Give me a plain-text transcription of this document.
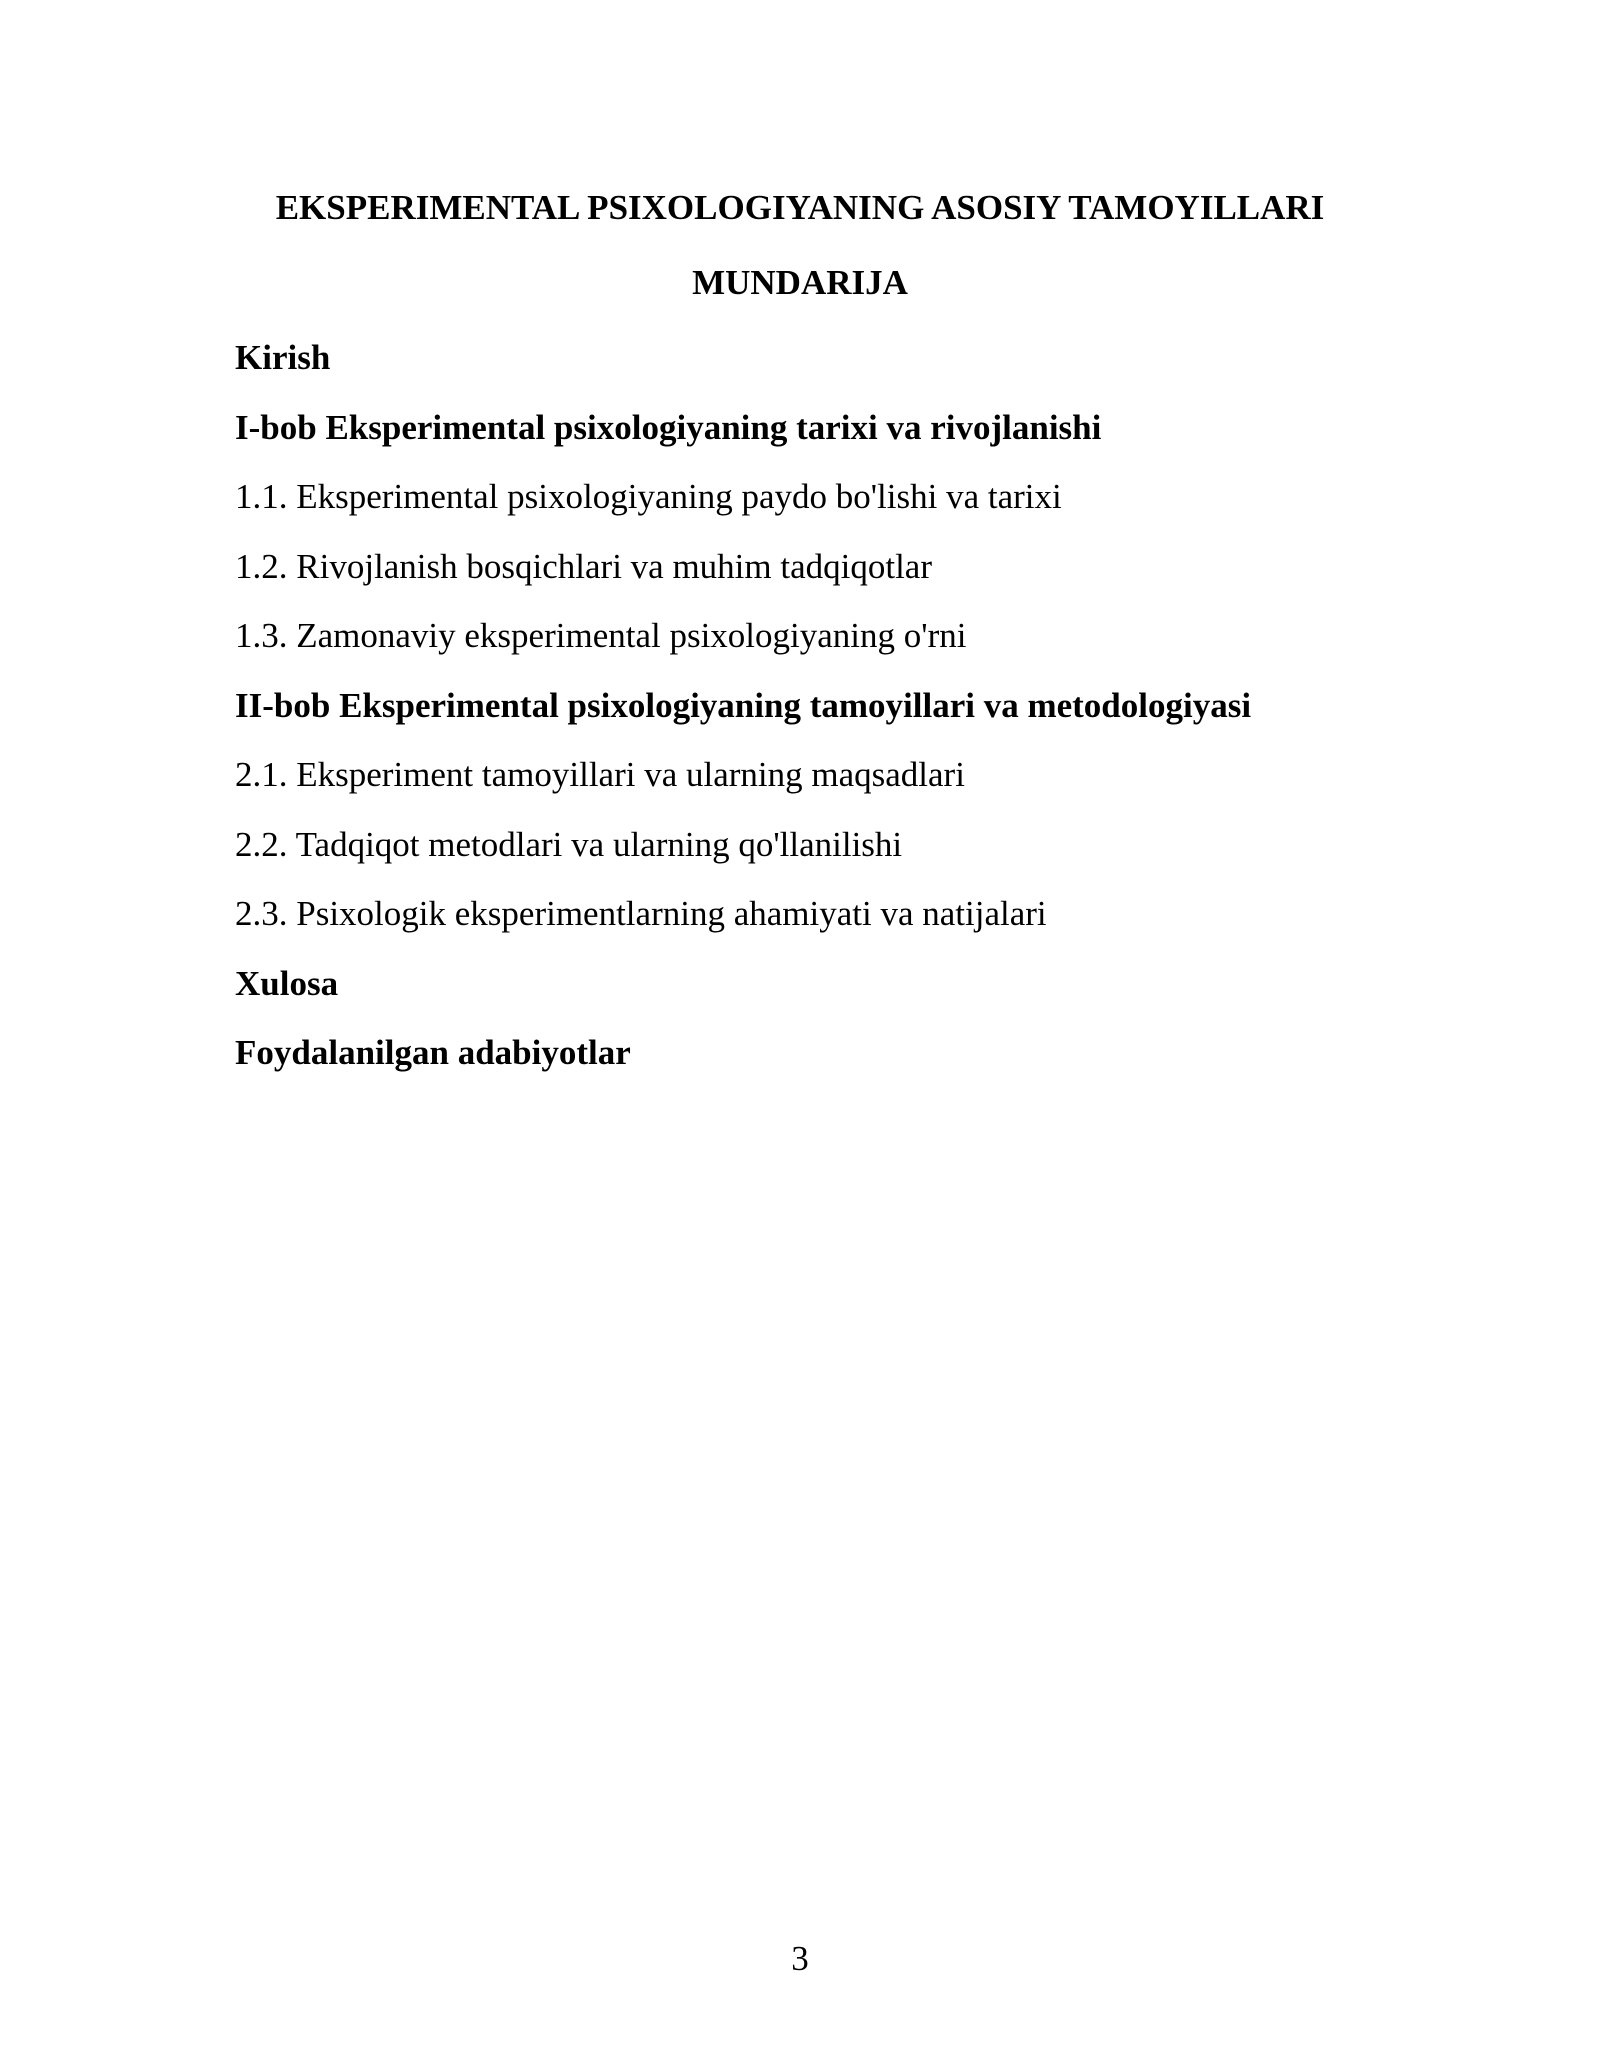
EKSPERIMENTAL PSIXOLOGIYANING ASOSIY TAMOYILLARI
MUNDARIJA
Kirish
I-bob Eksperimental psixologiyaning tarixi va rivojlanishi
1.1. Eksperimental psixologiyaning paydo bo'lishi va tarixi
1.2. Rivojlanish bosqichlari va muhim tadqiqotlar
1.3. Zamonaviy eksperimental psixologiyaning o'rni
II-bob Eksperimental psixologiyaning tamoyillari va metodologiyasi
2.1. Eksperiment tamoyillari va ularning maqsadlari
2.2. Tadqiqot metodlari va ularning qo'llanilishi
2.3. Psixologik eksperimentlarning ahamiyati va natijalari
Xulosa
Foydalanilgan adabiyotlar
3
